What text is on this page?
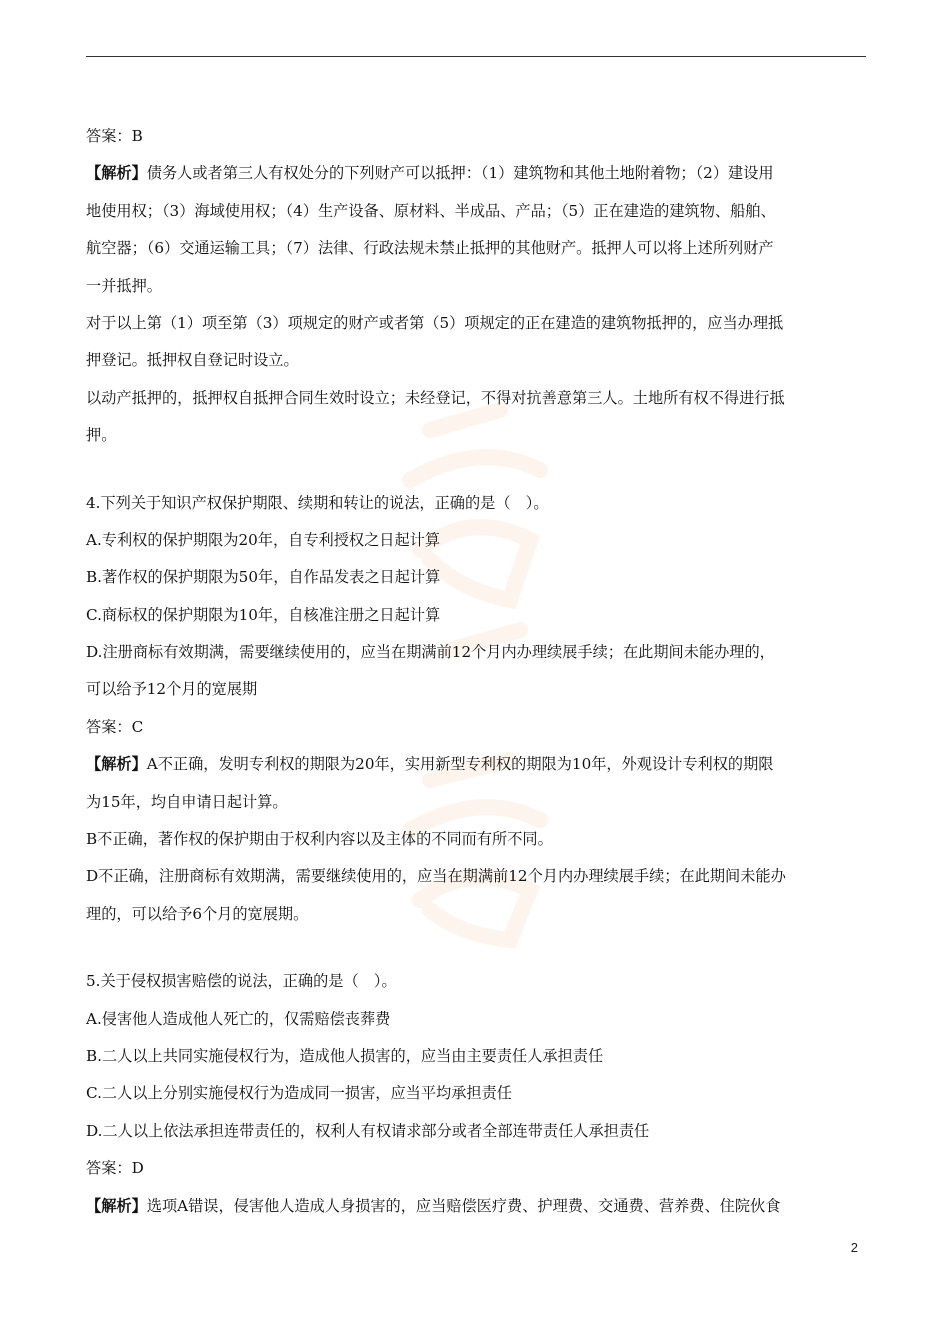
答案：B
【解析】债务人或者第三人有权处分的下列财产可以抵押：（1）建筑物和其他土地附着物；（2）建设用
地使用权；（3）海域使用权；（4）生产设备、原材料、半成品、产品；（5）正在建造的建筑物、船舶、
航空器；（6）交通运输工具；（7）法律、行政法规未禁止抵押的其他财产。抵押人可以将上述所列财产
一并抵押。
对于以上第（1）项至第（3）项规定的财产或者第（5）项规定的正在建造的建筑物抵押的，应当办理抵
押登记。抵押权自登记时设立。
以动产抵押的，抵押权自抵押合同生效时设立；未经登记，不得对抗善意第三人。土地所有权不得进行抵
押。
4.下列关于知识产权保护期限、续期和转让的说法，正确的是（　）。
A.专利权的保护期限为20年，自专利授权之日起计算
B.著作权的保护期限为50年，自作品发表之日起计算
C.商标权的保护期限为10年，自核准注册之日起计算
D.注册商标有效期满，需要继续使用的，应当在期满前12个月内办理续展手续；在此期间未能办理的，
可以给予12个月的宽展期
答案：C
【解析】A不正确，发明专利权的期限为20年，实用新型专利权的期限为10年，外观设计专利权的期限
为15年，均自申请日起计算。
B不正确，著作权的保护期由于权利内容以及主体的不同而有所不同。
D不正确，注册商标有效期满，需要继续使用的，应当在期满前12个月内办理续展手续；在此期间未能办
理的，可以给予6个月的宽展期。
5.关于侵权损害赔偿的说法，正确的是（　）。
A.侵害他人造成他人死亡的，仅需赔偿丧葬费
B.二人以上共同实施侵权行为，造成他人损害的，应当由主要责任人承担责任
C.二人以上分别实施侵权行为造成同一损害，应当平均承担责任
D.二人以上依法承担连带责任的，权利人有权请求部分或者全部连带责任人承担责任
答案：D
【解析】选项A错误，侵害他人造成人身损害的，应当赔偿医疗费、护理费、交通费、营养费、住院伙食
2
